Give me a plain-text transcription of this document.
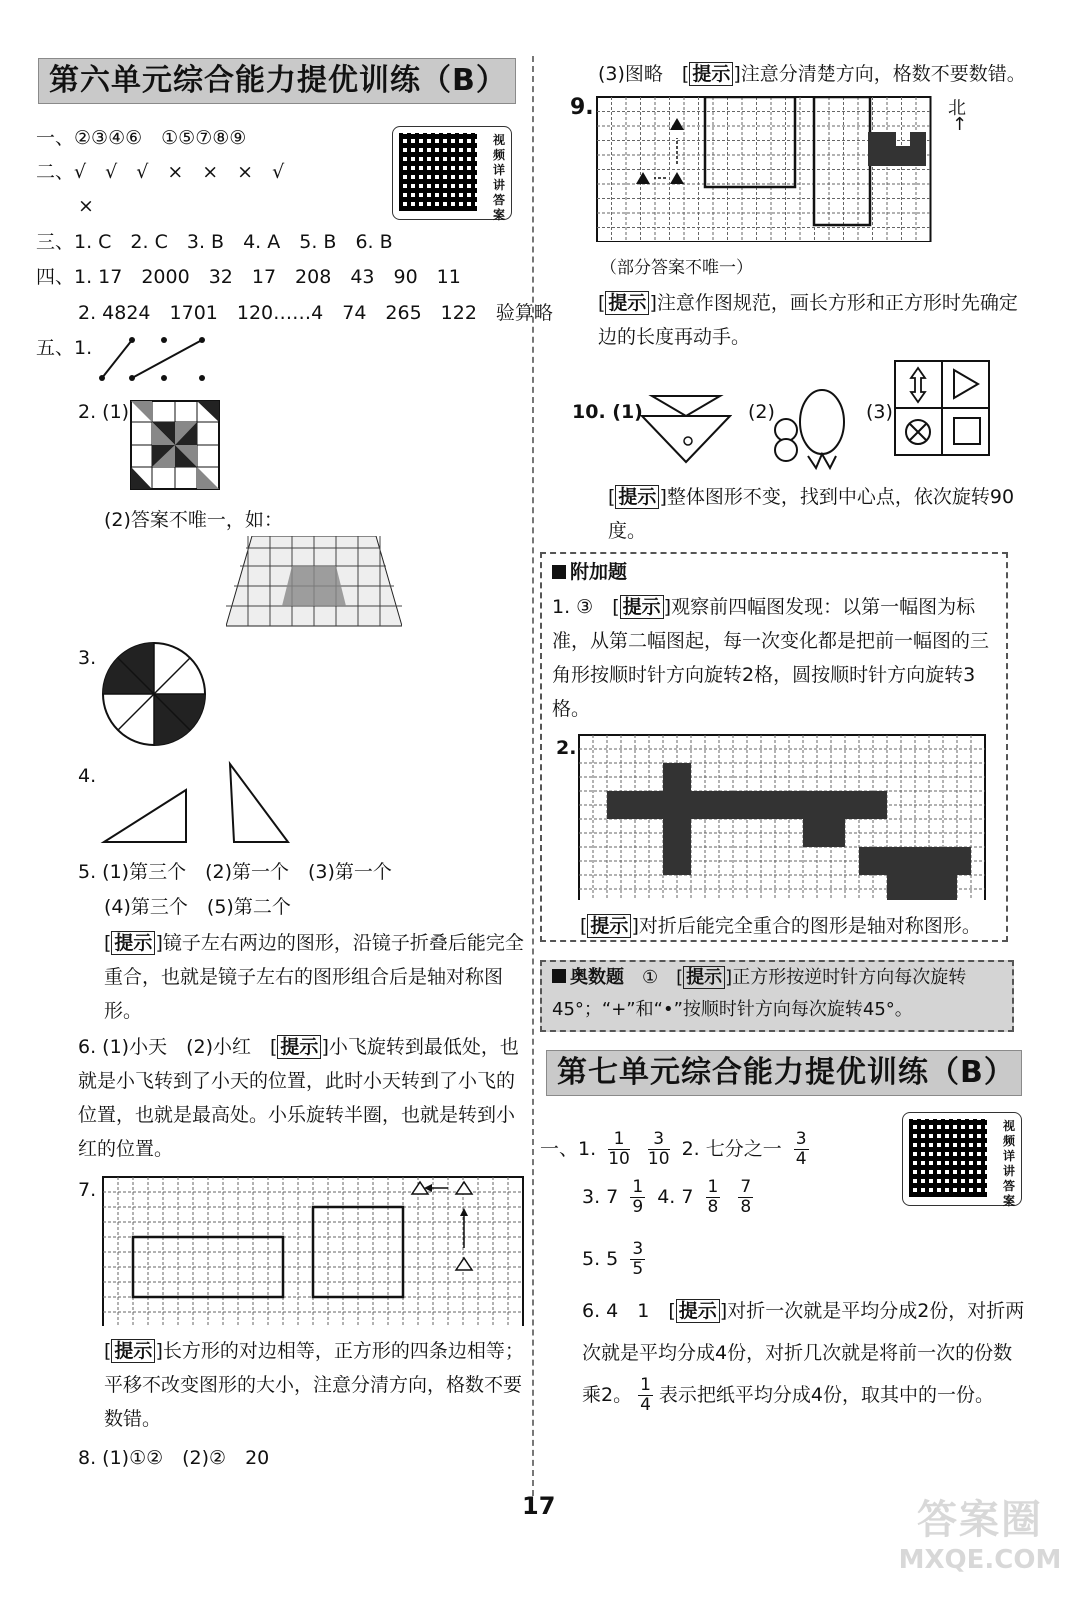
第六单元综合能力提优训练（B）
视频详讲答案
一、②③④⑥　①⑤⑦⑧⑨
二、√　√　√　×　×　×　√
×
三、1. C　2. C　3. B　4. A　5. B　6. B
四、1. 17　2000　32　17　208　43　90　11
2. 4824　1701　120……4　74　265　122　验算略
五、1.
2. (1)
(2)答案不唯一，如：
3.
4.
5. (1)第三个　(2)第一个　(3)第一个
(4)第三个　(5)第二个
[ 提示 ]镜子左右两边的图形，沿镜子折叠后能完全重合，也就是镜子左右的图形组合后是轴对称图形。
6. (1)小天　(2)小红　[ 提示 ]小飞旋转到最低处，也就是小飞转到了小天的位置，此时小天转到了小飞的位置，也就是最高处。小乐旋转半圈，也就是转到小红的位置。
7.
[ 提示 ]长方形的对边相等，正方形的四条边相等；平移不改变图形的大小，注意分清方向，格数不要数错。
8. (1)①②　(2)②　20
(3)图略　[ 提示 ]注意分清楚方向，格数不要数错。
9.	北
↑
（部分答案不唯一）
[ 提示 ]注意作图规范，画长方形和正方形时先确定边的长度再动手。
10. (1)	(2)	(3)
[ 提示 ]整体图形不变，找到中心点，依次旋转90度。
附加题
1. ③　[ 提示 ]观察前四幅图发现：以第一幅图为标准，从第二幅图起，每一次变化都是把前一幅图的三角形按顺时针方向旋转2格，圆按顺时针方向旋转3格。
2.
[ 提示 ]对折后能完全重合的图形是轴对称图形。
奥数题　 ①　[ 提示 ]正方形按逆时针方向每次旋转45°；“+”和“•”按顺时针方向每次旋转45°。
第七单元综合能力提优训练（B）
视频详讲答案
一、1. $\frac{1}{10}$
$\frac{3}{10} 2$. 七分之一 $\frac{3}{4}$
3. $7 \frac{1}{9} 4$. $7 \frac{1}{8}$
$\frac{7}{8}$
5. $5 \frac{3}{5}$
6. 4　1　[ 提示 ]对折一次就是平均分成2份，对折两次就是平均分成4份，对折几次就是将前一次的份数乘2。 $\frac{1}{4}$ 表示把纸平均分成4份，取其中的一份。
17	答案圈
MXQE.COM
